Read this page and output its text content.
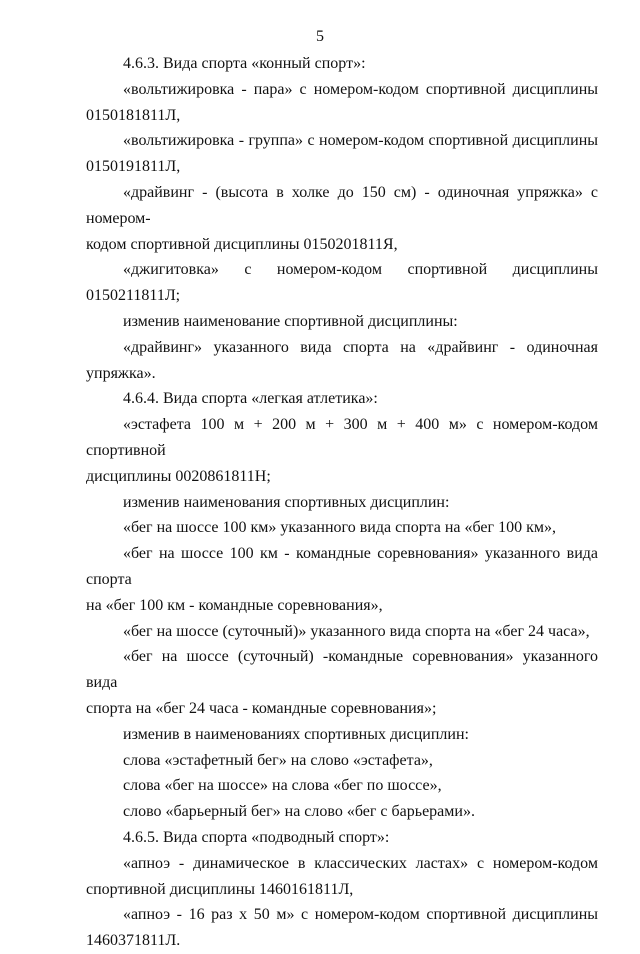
5

4.6.3. Вида спорта «конный спорт»:

«вольтижировка - пара» с номером-кодом спортивной дисциплины
0150181811Л,

«вольтижировка - группа» с номером-кодом спортивной дисциплины
0150191811Л,

«драйвинг - (высота в холке до 150 см) - одиночная упряжка» с номером-
кодом спортивной дисциплины 0150201811Я,

«джигитовка» с номером-кодом спортивной дисциплины 0150211811Л;

изменив наименование спортивной дисциплины:

«драйвинг» указанного вида спорта на «драйвинг - одиночная упряжка».

4.6.4. Вида спорта «легкая атлетика»:

«эстафета 100 м + 200 м + 300 м + 400 м» с номером-кодом спортивной
дисциплины 0020861811Н;

изменив наименования спортивных дисциплин:

«бег на шоссе 100 км» указанного вида спорта на «бег 100 км»,

«бег на шоссе 100 км - командные соревнования» указанного вида спорта
на «бег 100 км - командные соревнования»,

«бег на шоссе (суточный)» указанного вида спорта на «бег 24 часа»,

«бег на шоссе (суточный) -командные соревнования» указанного вида
спорта на «бег 24 часа - командные соревнования»;

изменив в наименованиях спортивных дисциплин:

слова «эстафетный бег» на слово «эстафета»,

слова «бег на шоссе» на слова «бег по шоссе»,

слово «барьерный бег» на слово «бег с барьерами».

4.6.5. Вида спорта «подводный спорт»:

«апноэ - динамическое в классических ластах» с номером-кодом
спортивной дисциплины 1460161811Л,

«апноэ - 16 раз х 50 м» с номером-кодом спортивной дисциплины
1460371811Л.
